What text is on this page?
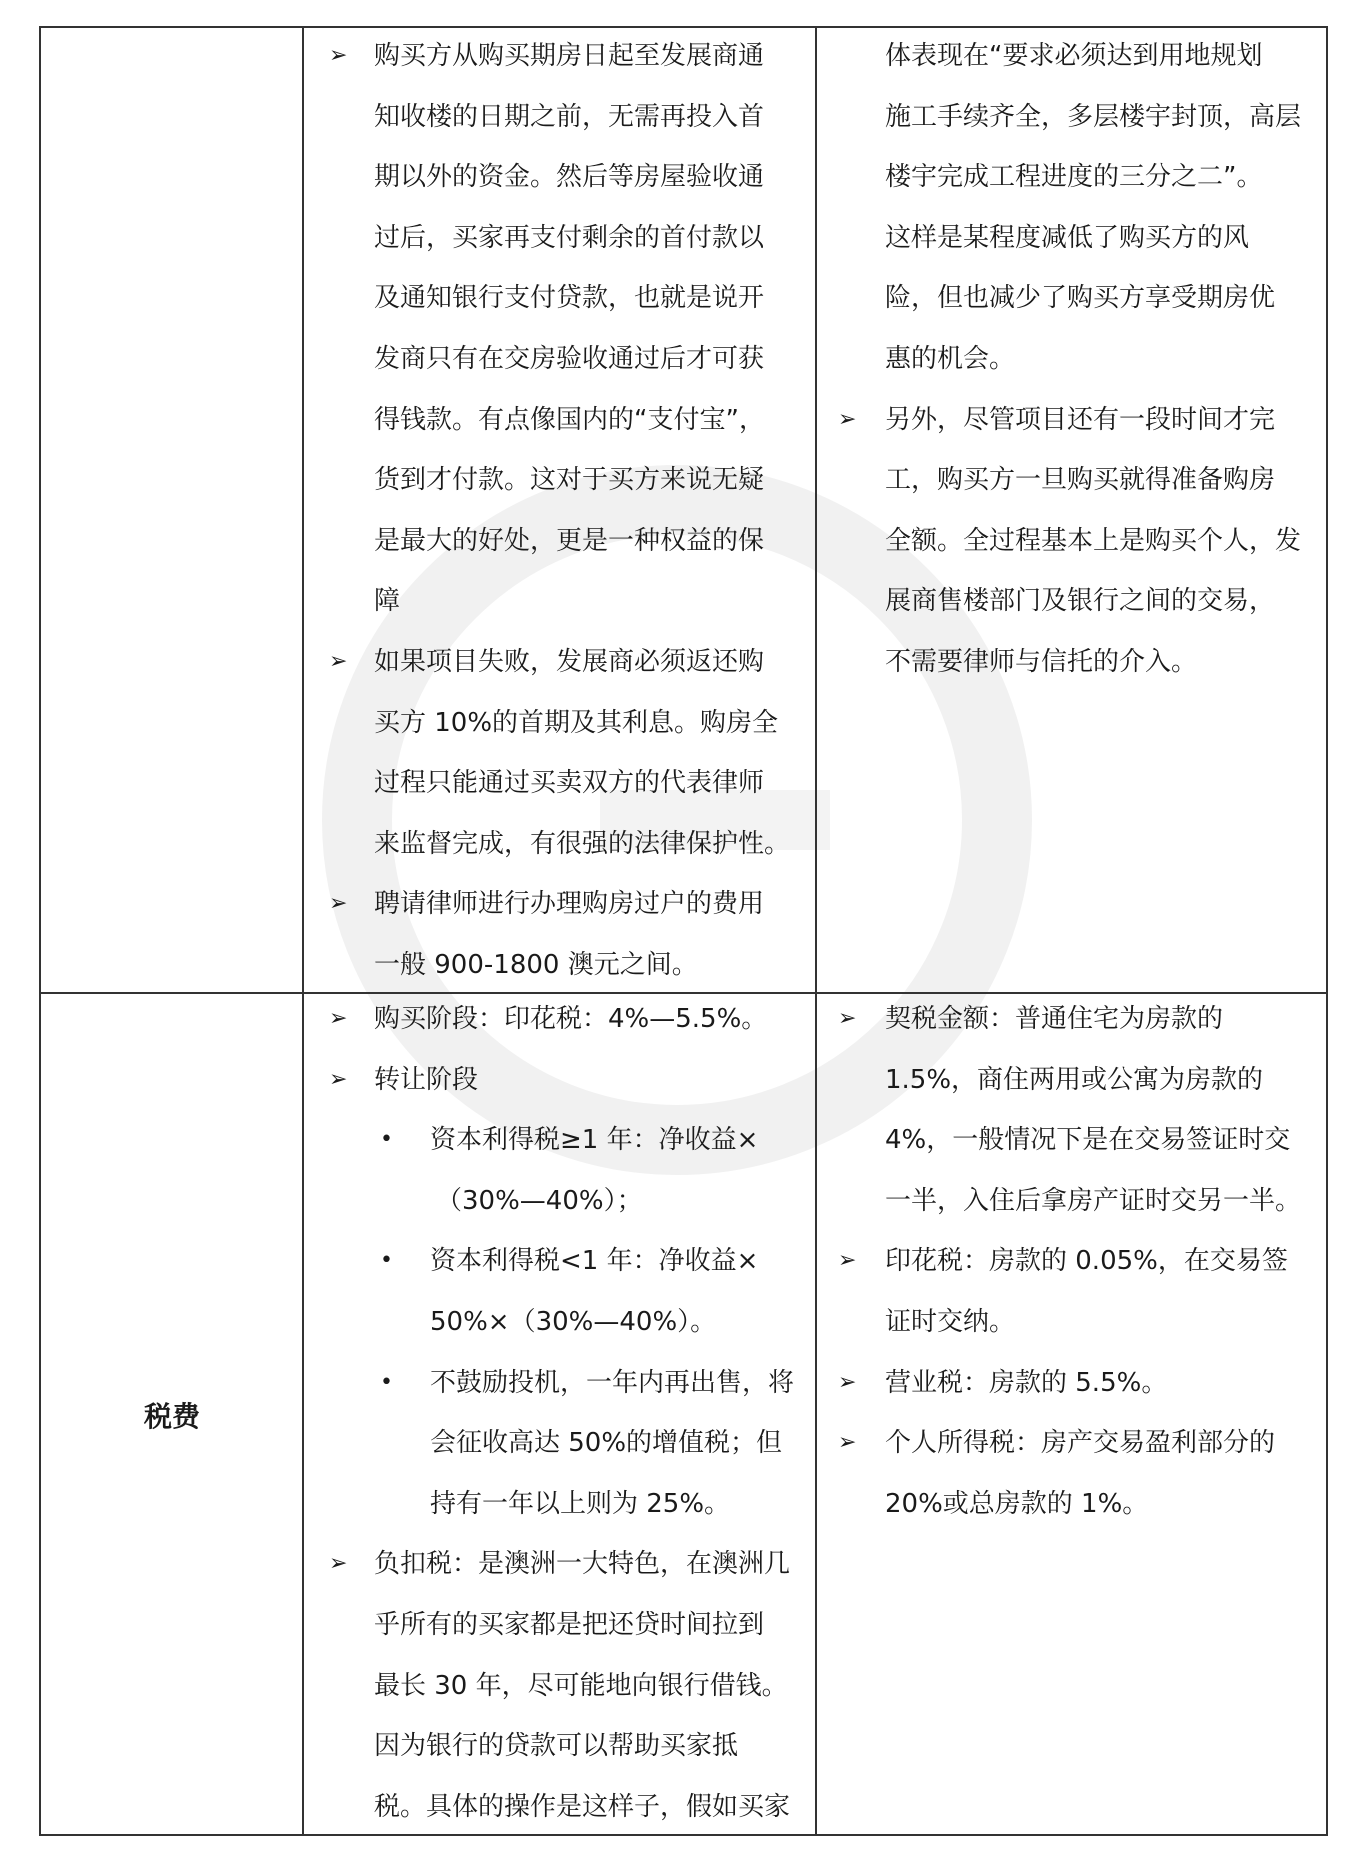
税费
➢ 购买方从购买期房日起至发展商通
知收楼的日期之前，无需再投入首
期以外的资金。然后等房屋验收通
过后，买家再支付剩余的首付款以
及通知银行支付贷款，也就是说开
发商只有在交房验收通过后才可获
得钱款。有点像国内的“支付宝”，
货到才付款。这对于买方来说无疑
是最大的好处，更是一种权益的保
障
➢ 如果项目失败，发展商必须返还购
买方 10%的首期及其利息。购房全
过程只能通过买卖双方的代表律师
来监督完成，有很强的法律保护性。
➢ 聘请律师进行办理购房过户的费用
一般 900-1800 澳元之间。
体表现在“要求必须达到用地规划
施工手续齐全，多层楼宇封顶，高层
楼宇完成工程进度的三分之二”。
这样是某程度减低了购买方的风
险，但也减少了购买方享受期房优
惠的机会。
➢ 另外，尽管项目还有一段时间才完
工，购买方一旦购买就得准备购房
全额。全过程基本上是购买个人，发
展商售楼部门及银行之间的交易，
不需要律师与信托的介入。
➢ 购买阶段：印花税：4%—5.5%。
➢ 转让阶段
• 资本利得税≥1 年：净收益×
（30%—40%）；
• 资本利得税<1 年：净收益×
50%×（30%—40%）。
• 不鼓励投机，一年内再出售，将
会征收高达 50%的增值税；但
持有一年以上则为 25%。
➢ 负扣税：是澳洲一大特色，在澳洲几
乎所有的买家都是把还贷时间拉到
最长 30 年，尽可能地向银行借钱。
因为银行的贷款可以帮助买家抵
税。具体的操作是这样子，假如买家
➢ 契税金额：普通住宅为房款的
1.5%，商住两用或公寓为房款的
4%，一般情况下是在交易签证时交
一半，入住后拿房产证时交另一半。
➢ 印花税：房款的 0.05%，在交易签
证时交纳。
➢ 营业税：房款的 5.5%。
➢ 个人所得税：房产交易盈利部分的
20%或总房款的 1%。
